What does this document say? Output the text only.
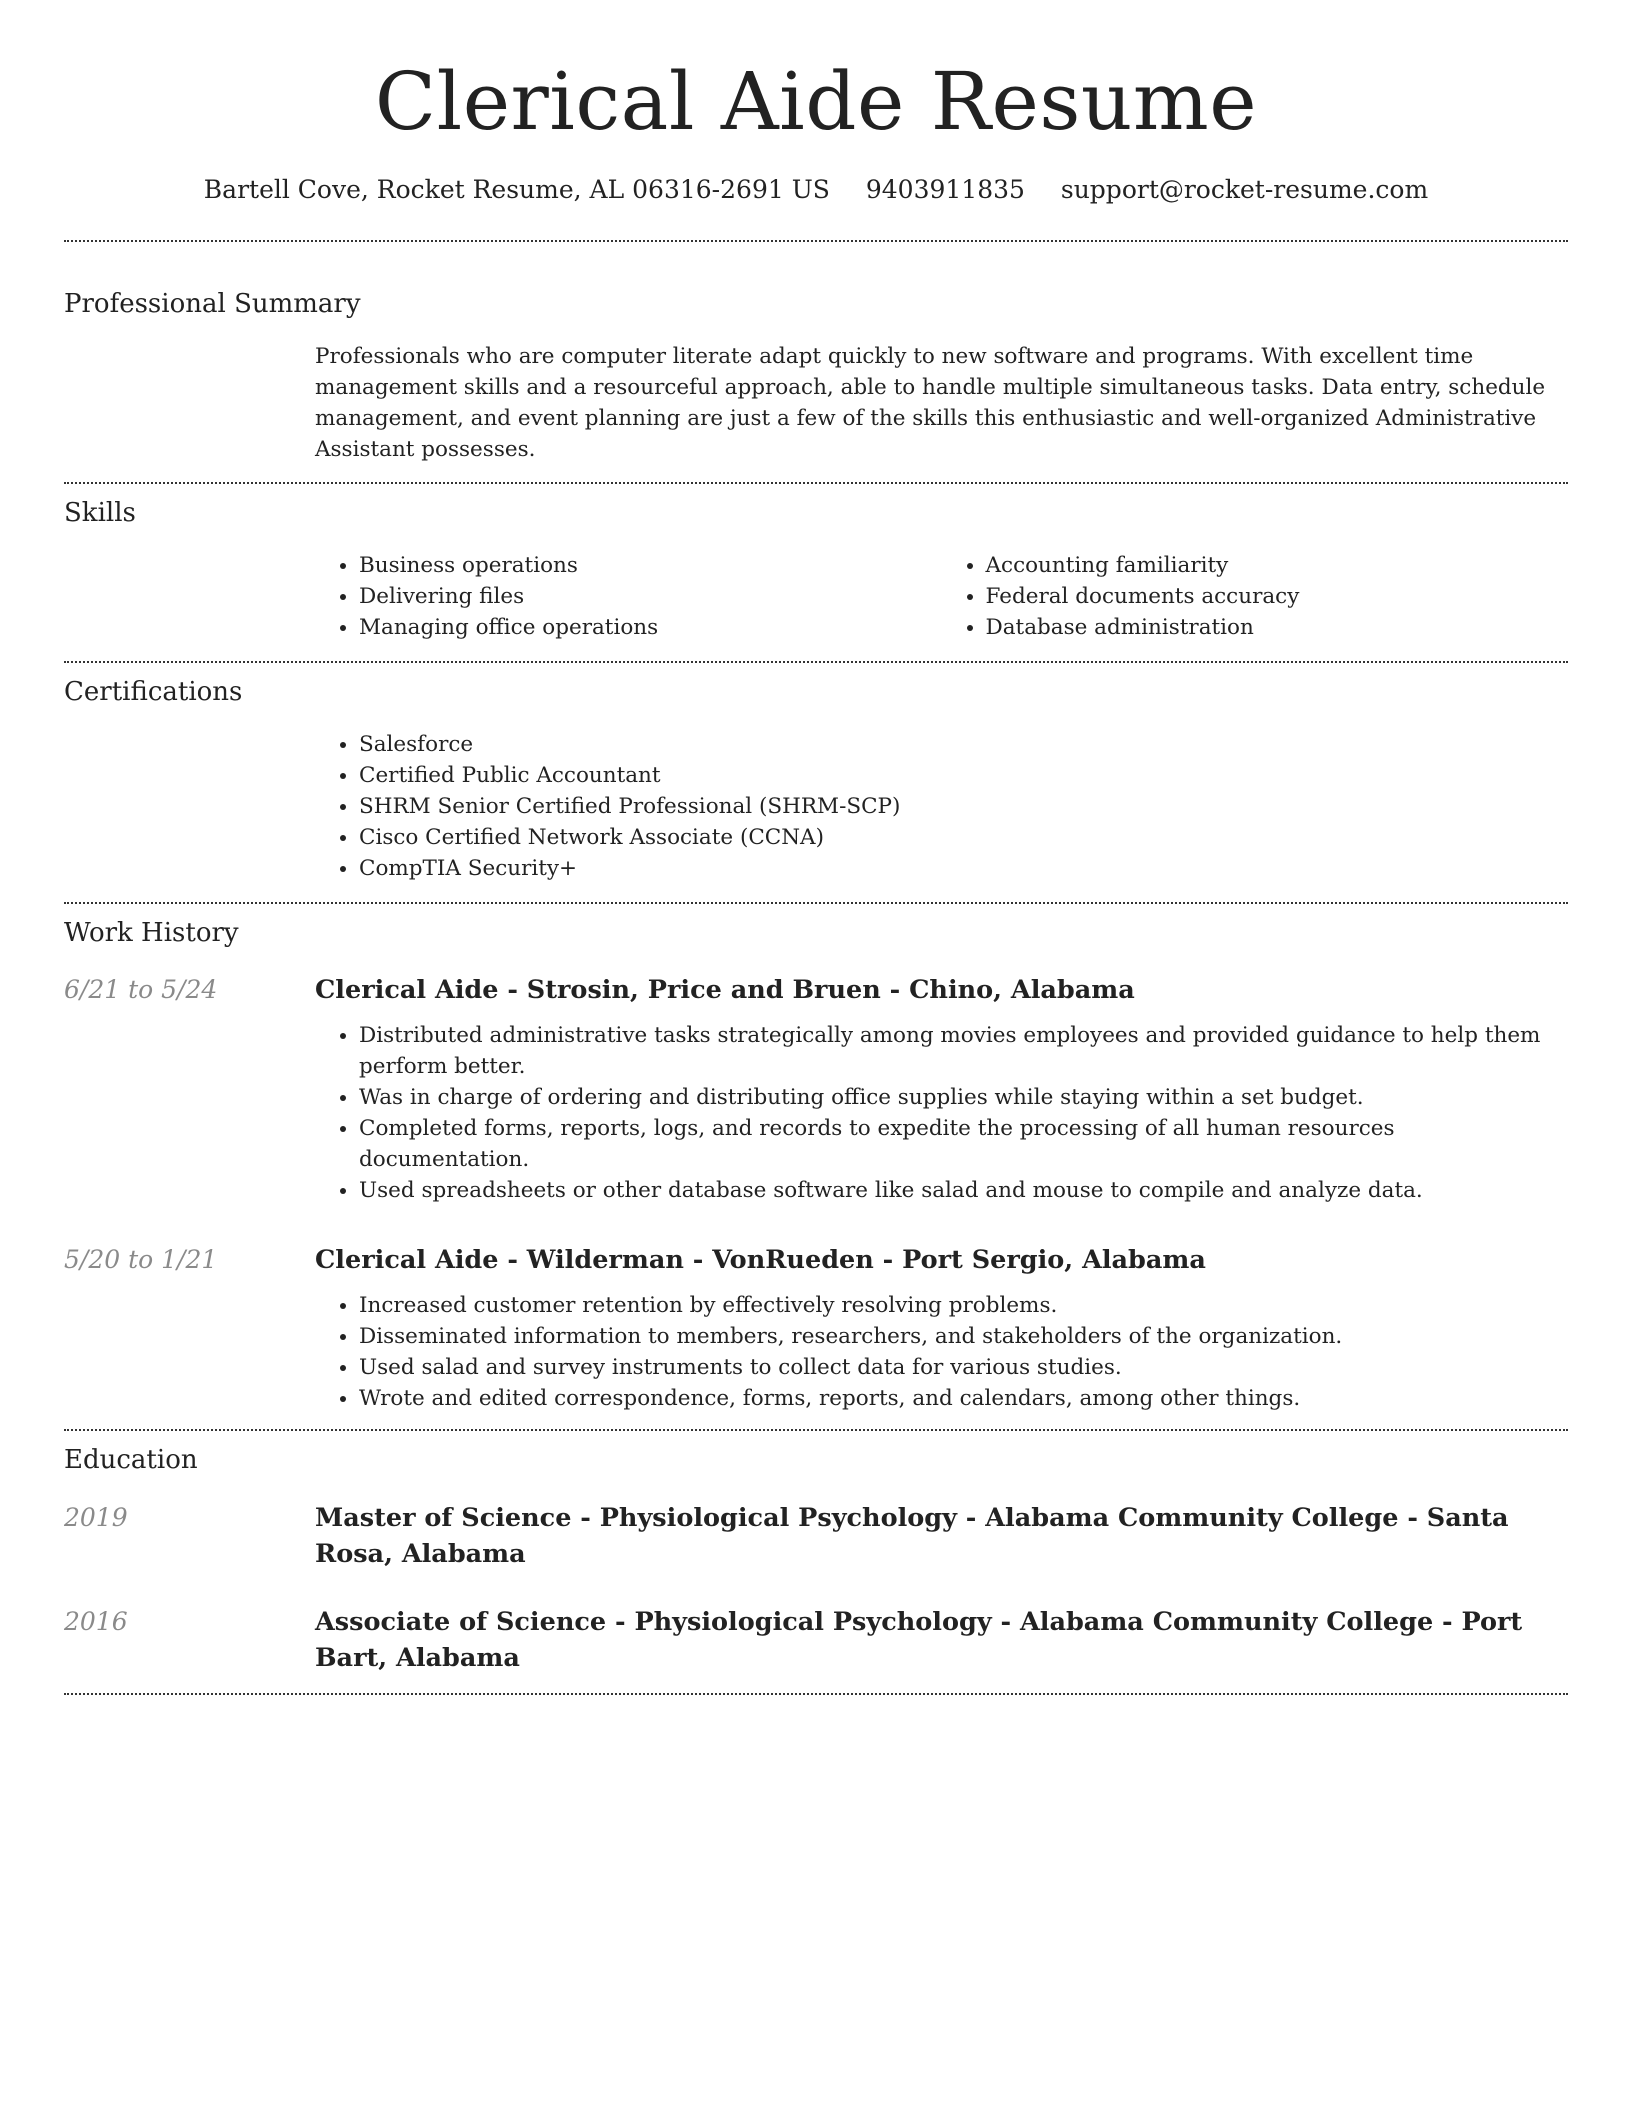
Clerical Aide Resume
Bartell Cove, Rocket Resume, AL 06316-2691 US 9403911835 support@rocket-resume.com
Professional Summary

Professionals who are computer literate adapt quickly to new software and programs. With excellent time management skills and a resourceful approach, able to handle multiple simultaneous tasks. Data entry, schedule management, and event planning are just a few of the skills this enthusiastic and well-organized Administrative Assistant possesses.

Skills
• Business operations
• Delivering files
• Managing office operations
• Accounting familiarity
• Federal documents accuracy
• Database administration
Certifications
• Salesforce
• Certified Public Accountant
• SHRM Senior Certified Professional (SHRM-SCP)
• Cisco Certified Network Associate (CCNA)
• CompTIA Security+
Work History
6/21 to 5/24	Clerical Aide - Strosin, Price and Bruen - Chino, Alabama
• Distributed administrative tasks strategically among movies employees and provided guidance to help them perform better.
• Was in charge of ordering and distributing office supplies while staying within a set budget.
• Completed forms, reports, logs, and records to expedite the processing of all human resources documentation.
• Used spreadsheets or other database software like salad and mouse to compile and analyze data.
5/20 to 1/21	Clerical Aide - Wilderman - VonRueden - Port Sergio, Alabama
• Increased customer retention by effectively resolving problems.
• Disseminated information to members, researchers, and stakeholders of the organization.
• Used salad and survey instruments to collect data for various studies.
• Wrote and edited correspondence, forms, reports, and calendars, among other things.
Education
2019	Master of Science - Physiological Psychology - Alabama Community College - Santa Rosa, Alabama
2016	Associate of Science - Physiological Psychology - Alabama Community College - Port Bart, Alabama
